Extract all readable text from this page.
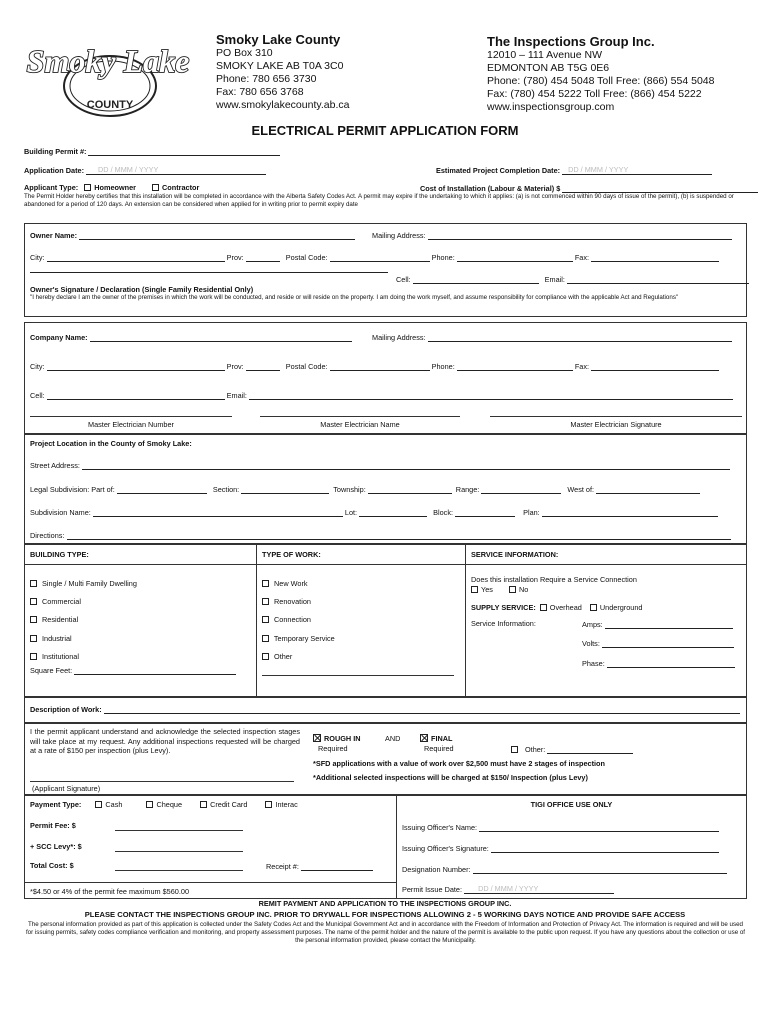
COUNTY
Smoky Lake
Smoky Lake County
PO Box 310
SMOKY LAKE AB T0A 3C0
Phone: 780 656 3730
Fax: 780 656 3768
www.smokylakecounty.ab.ca
The Inspections Group Inc.
12010 – 111 Avenue NW
EDMONTON AB T5G 0E6
Phone: (780) 454 5048 Toll Free: (866) 554 5048
Fax: (780) 454 5222 Toll Free: (866) 454 5222
www.inspectionsgroup.com
ELECTRICAL PERMIT APPLICATION FORM
Building Permit #:
Application Date: DD / MMM / YYYY	Estimated Project Completion Date: DD / MMM / YYYY
Applicant Type: Homeowner	Contractor	Cost of Installation (Labour & Material) $
The Permit Holder hereby certifies that this installation will be completed in accordance with the Alberta Safety Codes Act. A permit may expire if the undertaking to which it applies: (a) is not commenced within 90 days of issue of the permit), (b) is suspended or abandoned for a period of 120 days. An extension can be considered when applied for in writing prior to permit expiry date
Owner Name:	Mailing Address:
City:	Prov:	Postal Code:	Phone:	Fax:
Cell:	Email:
Owner's Signature / Declaration (Single Family Residential Only)
"I hereby declare I am the owner of the premises in which the work will be conducted, and reside or will reside on the property. I am doing the work myself, and assume responsibility for compliance with the applicable Act and Regulations"
Company Name:	Mailing Address:
City:	Prov:	Postal Code:	Phone:	Fax:
Cell:	Email:
Master Electrician Number	Master Electrician Name	Master Electrician Signature
Project Location in the County of Smoky Lake:
Street Address:
Legal Subdivision: Part of:	Section:	Township:	Range:	West of:
Subdivision Name:	Lot:	Block:	Plan:
Directions:
BUILDING TYPE:	TYPE OF WORK:	SERVICE INFORMATION:
Single / Multi Family Dwelling
Commercial
Residential
Industrial
Institutional
Square Feet:
New Work
Renovation
Connection
Temporary Service
Other
Does this installation Require a Service Connection
Yes	No
SUPPLY SERVICE: Overhead Underground
Service Information:	Amps:
Volts:
Phase:
Description of Work:
I the permit applicant understand and acknowledge the selected inspection stages will take place at my request. Any additional inspections requested will be charged at a rate of $150 per inspection (plus Levy).
(Applicant Signature)
ROUGH IN
Required
AND	FINAL
Required	Other:
*SFD applications with a value of work over $2,500 must have 2 stages of inspection
*Additional selected inspections will be charged at $150/ Inspection (plus Levy)
Payment Type:	Cash	Cheque	Credit Card	Interac
Permit Fee: $
+ SCC Levy*: $
Total Cost: $	Receipt #:
*$4.50 or 4% of the permit fee maximum $560.00
TIGI OFFICE USE ONLY
Issuing Officer's Name:
Issuing Officer's Signature:
Designation Number:
Permit Issue Date: DD / MMM / YYYY
REMIT PAYMENT AND APPLICATION TO THE INSPECTIONS GROUP INC.
PLEASE CONTACT THE INSPECTIONS GROUP INC. PRIOR TO DRYWALL FOR INSPECTIONS ALLOWING 2 - 5 WORKING DAYS NOTICE AND PROVIDE SAFE ACCESS
The personal information provided as part of this application is collected under the Safety Codes Act and the Municipal Government Act and in accordance with the Freedom of Information and Protection of Privacy Act. The information is required and will be used for issuing permits, safety codes compliance verification and monitoring, and property assessment purposes. The name of the permit holder and the nature of the permit is available to the public upon request. If you have any questions about the collection or use of the personal information provided, please contact the Municipality.
